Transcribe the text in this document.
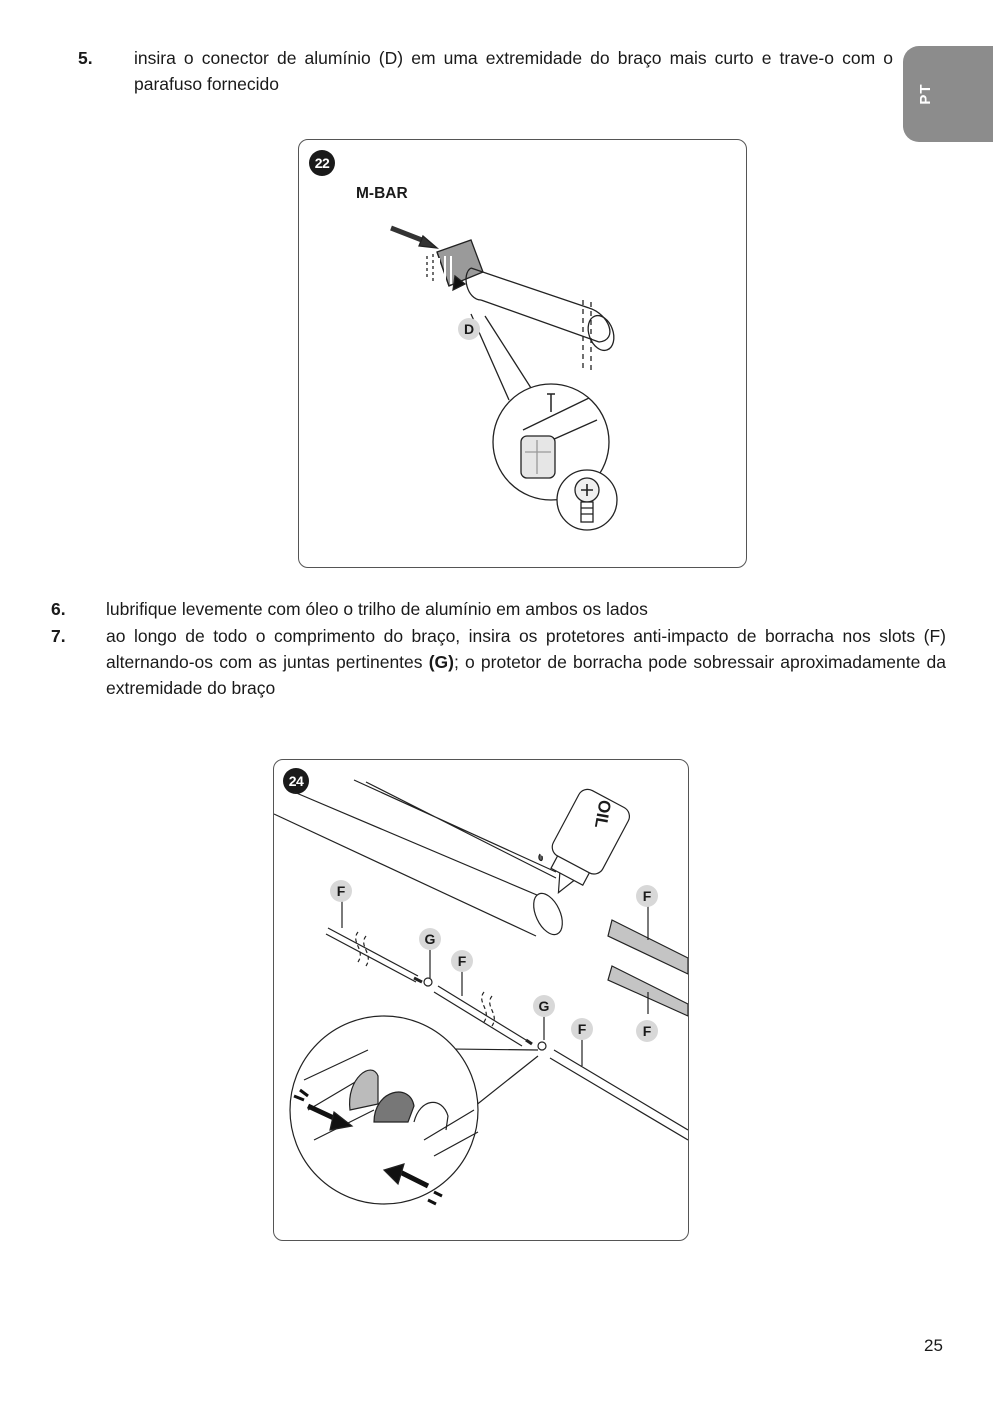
PT
5. insira o conector de alumínio (D) em uma extremidade do braço mais curto e trave-o com o parafuso fornecido
22
M-BAR
D
6. lubrifique levemente com óleo o trilho de alumínio em ambos os lados
7. ao longo de todo o comprimento do braço, insira os protetores anti-impacto de borracha nos slots (F) alternando-os com as juntas pertinentes (G); o protetor de borracha pode sobressair aproximadamente da extremidade do braço
24
F
G
F
G
F
F
F
OIL
25
